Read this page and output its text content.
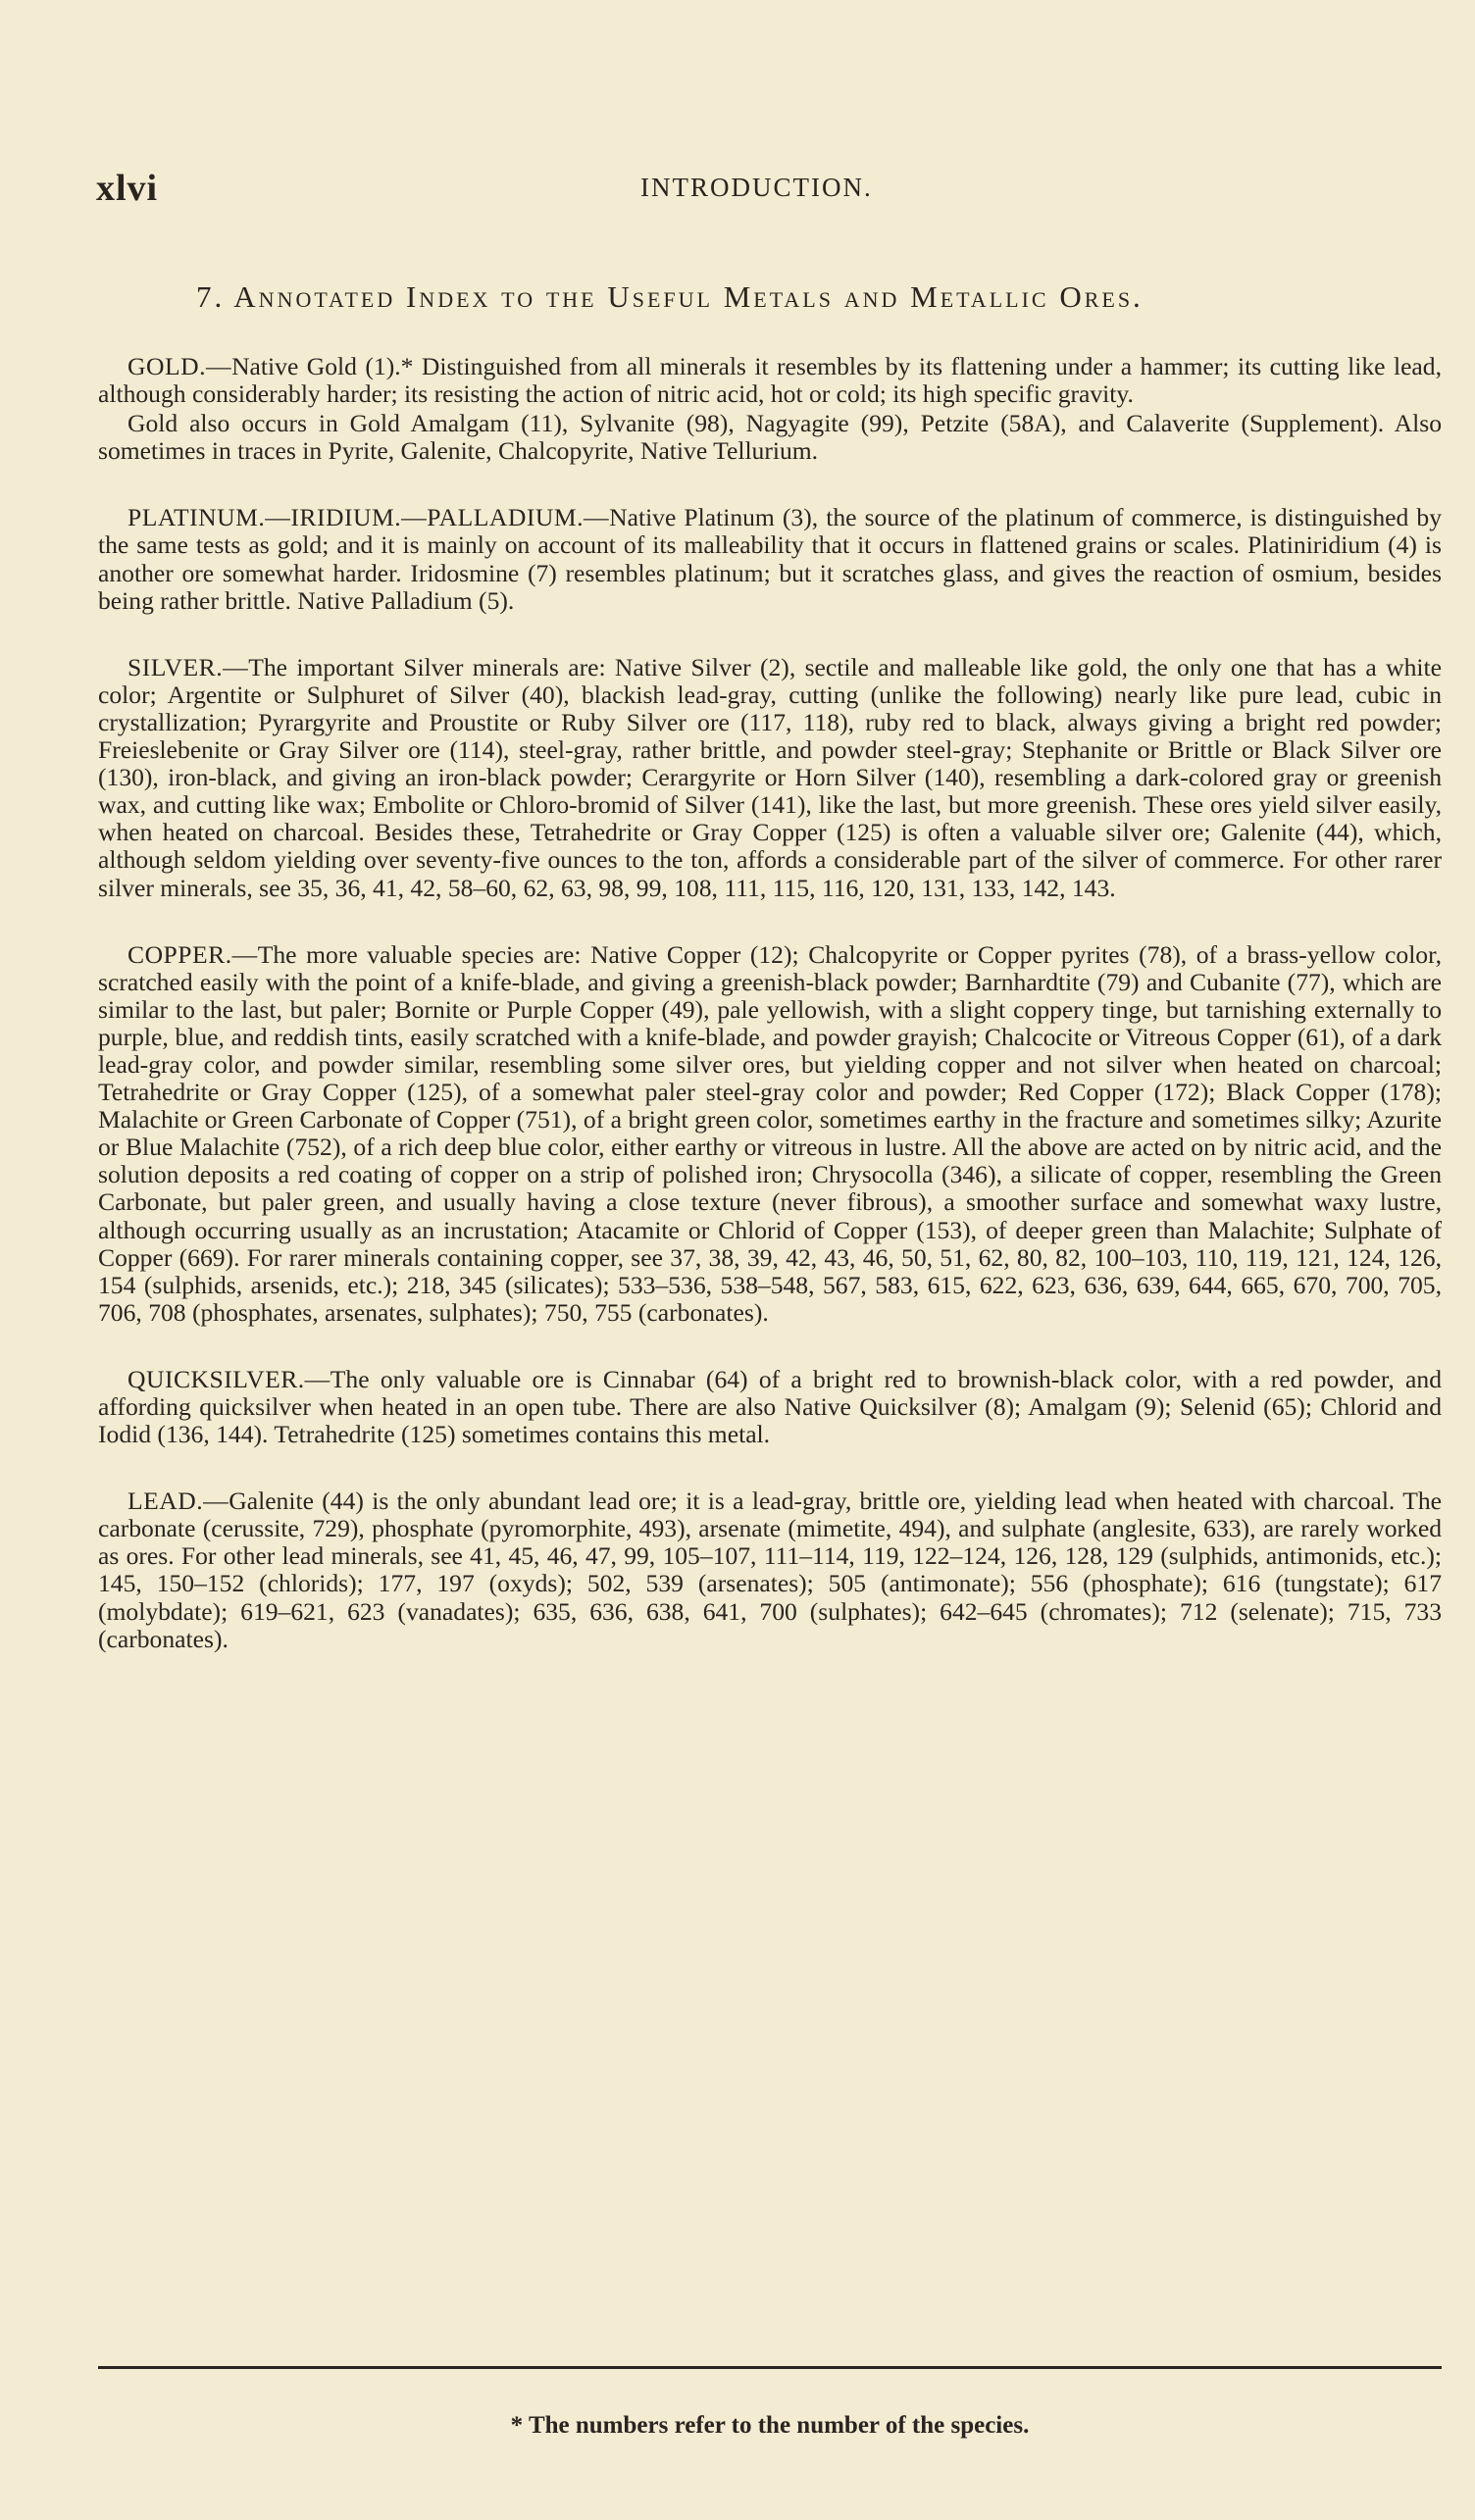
xlvi	INTRODUCTION.
7. Annotated Index to the Useful Metals and Metallic Ores.

GOLD.—Native Gold (1).* Distinguished from all minerals it resembles by its flattening under a hammer; its cutting like lead, although considerably harder; its resisting the action of nitric acid, hot or cold; its high specific gravity.

Gold also occurs in Gold Amalgam (11), Sylvanite (98), Nagyagite (99), Petzite (58A), and Calaverite (Supplement). Also sometimes in traces in Pyrite, Galenite, Chalcopyrite, Native Tellurium.

PLATINUM.—IRIDIUM.—PALLADIUM.—Native Platinum (3), the source of the platinum of commerce, is distinguished by the same tests as gold; and it is mainly on account of its malleability that it occurs in flattened grains or scales. Platiniridium (4) is another ore somewhat harder. Iridosmine (7) resembles platinum; but it scratches glass, and gives the reaction of osmium, besides being rather brittle. Native Palladium (5).

SILVER.—The important Silver minerals are: Native Silver (2), sectile and malleable like gold, the only one that has a white color; Argentite or Sulphuret of Silver (40), blackish lead-gray, cutting (unlike the following) nearly like pure lead, cubic in crystallization; Pyrargyrite and Proustite or Ruby Silver ore (117, 118), ruby red to black, always giving a bright red powder; Freieslebenite or Gray Silver ore (114), steel-gray, rather brittle, and powder steel-gray; Stephanite or Brittle or Black Silver ore (130), iron-black, and giving an iron-black powder; Cerargyrite or Horn Silver (140), resembling a dark-colored gray or greenish wax, and cutting like wax; Embolite or Chloro-bromid of Silver (141), like the last, but more greenish. These ores yield silver easily, when heated on charcoal. Besides these, Tetrahedrite or Gray Copper (125) is often a valuable silver ore; Galenite (44), which, although seldom yielding over seventy-five ounces to the ton, affords a considerable part of the silver of commerce. For other rarer silver minerals, see 35, 36, 41, 42, 58–60, 62, 63, 98, 99, 108, 111, 115, 116, 120, 131, 133, 142, 143.

COPPER.—The more valuable species are: Native Copper (12); Chalcopyrite or Copper pyrites (78), of a brass-yellow color, scratched easily with the point of a knife-blade, and giving a greenish-black powder; Barnhardtite (79) and Cubanite (77), which are similar to the last, but paler; Bornite or Purple Copper (49), pale yellowish, with a slight coppery tinge, but tarnishing externally to purple, blue, and reddish tints, easily scratched with a knife-blade, and powder grayish; Chalcocite or Vitreous Copper (61), of a dark lead-gray color, and powder similar, resembling some silver ores, but yielding copper and not silver when heated on charcoal; Tetrahedrite or Gray Copper (125), of a somewhat paler steel-gray color and powder; Red Copper (172); Black Copper (178); Malachite or Green Carbonate of Copper (751), of a bright green color, sometimes earthy in the fracture and sometimes silky; Azurite or Blue Malachite (752), of a rich deep blue color, either earthy or vitreous in lustre. All the above are acted on by nitric acid, and the solution deposits a red coating of copper on a strip of polished iron; Chrysocolla (346), a silicate of copper, resembling the Green Carbonate, but paler green, and usually having a close texture (never fibrous), a smoother surface and somewhat waxy lustre, although occurring usually as an incrustation; Atacamite or Chlorid of Copper (153), of deeper green than Malachite; Sulphate of Copper (669). For rarer minerals containing copper, see 37, 38, 39, 42, 43, 46, 50, 51, 62, 80, 82, 100–103, 110, 119, 121, 124, 126, 154 (sulphids, arsenids, etc.); 218, 345 (silicates); 533–536, 538–548, 567, 583, 615, 622, 623, 636, 639, 644, 665, 670, 700, 705, 706, 708 (phosphates, arsenates, sulphates); 750, 755 (carbonates).

QUICKSILVER.—The only valuable ore is Cinnabar (64) of a bright red to brownish-black color, with a red powder, and affording quicksilver when heated in an open tube. There are also Native Quicksilver (8); Amalgam (9); Selenid (65); Chlorid and Iodid (136, 144). Tetrahedrite (125) sometimes contains this metal.

LEAD.—Galenite (44) is the only abundant lead ore; it is a lead-gray, brittle ore, yielding lead when heated with charcoal. The carbonate (cerussite, 729), phosphate (pyromorphite, 493), arsenate (mimetite, 494), and sulphate (anglesite, 633), are rarely worked as ores. For other lead minerals, see 41, 45, 46, 47, 99, 105–107, 111–114, 119, 122–124, 126, 128, 129 (sulphids, antimonids, etc.); 145, 150–152 (chlorids); 177, 197 (oxyds); 502, 539 (arsenates); 505 (antimonate); 556 (phosphate); 616 (tungstate); 617 (molybdate); 619–621, 623 (vanadates); 635, 636, 638, 641, 700 (sulphates); 642–645 (chromates); 712 (selenate); 715, 733 (carbonates).

* The numbers refer to the number of the species.
